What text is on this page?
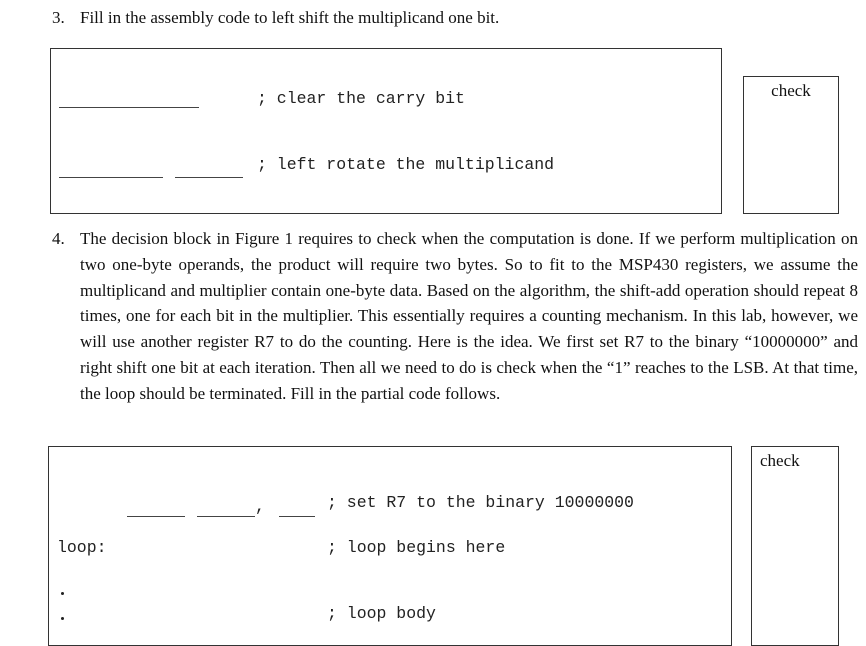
3. Fill in the assembly code to left shift the multiplicand one bit.
; clear the carry bit
; left rotate the multiplicand
check
4. The decision block in Figure 1 requires to check when the computation is done. If we perform multiplication on two one-byte operands, the product will require two bytes. So to fit to the MSP430 registers, we assume the multiplicand and multiplier contain one-byte data. Based on the algorithm, the shift-add operation should repeat 8 times, one for each bit in the multiplier. This essentially requires a counting mechanism. In this lab, however, we will use another register R7 to do the counting. Here is the idea. We first set R7 to the binary “10000000” and right shift one bit at each iteration. Then all we need to do is check when the “1” reaches to the LSB. At that time, the loop should be terminated. Fill in the partial code follows.
,	; set R7 to the binary 10000000
loop:	; loop begins here
; loop body
check
